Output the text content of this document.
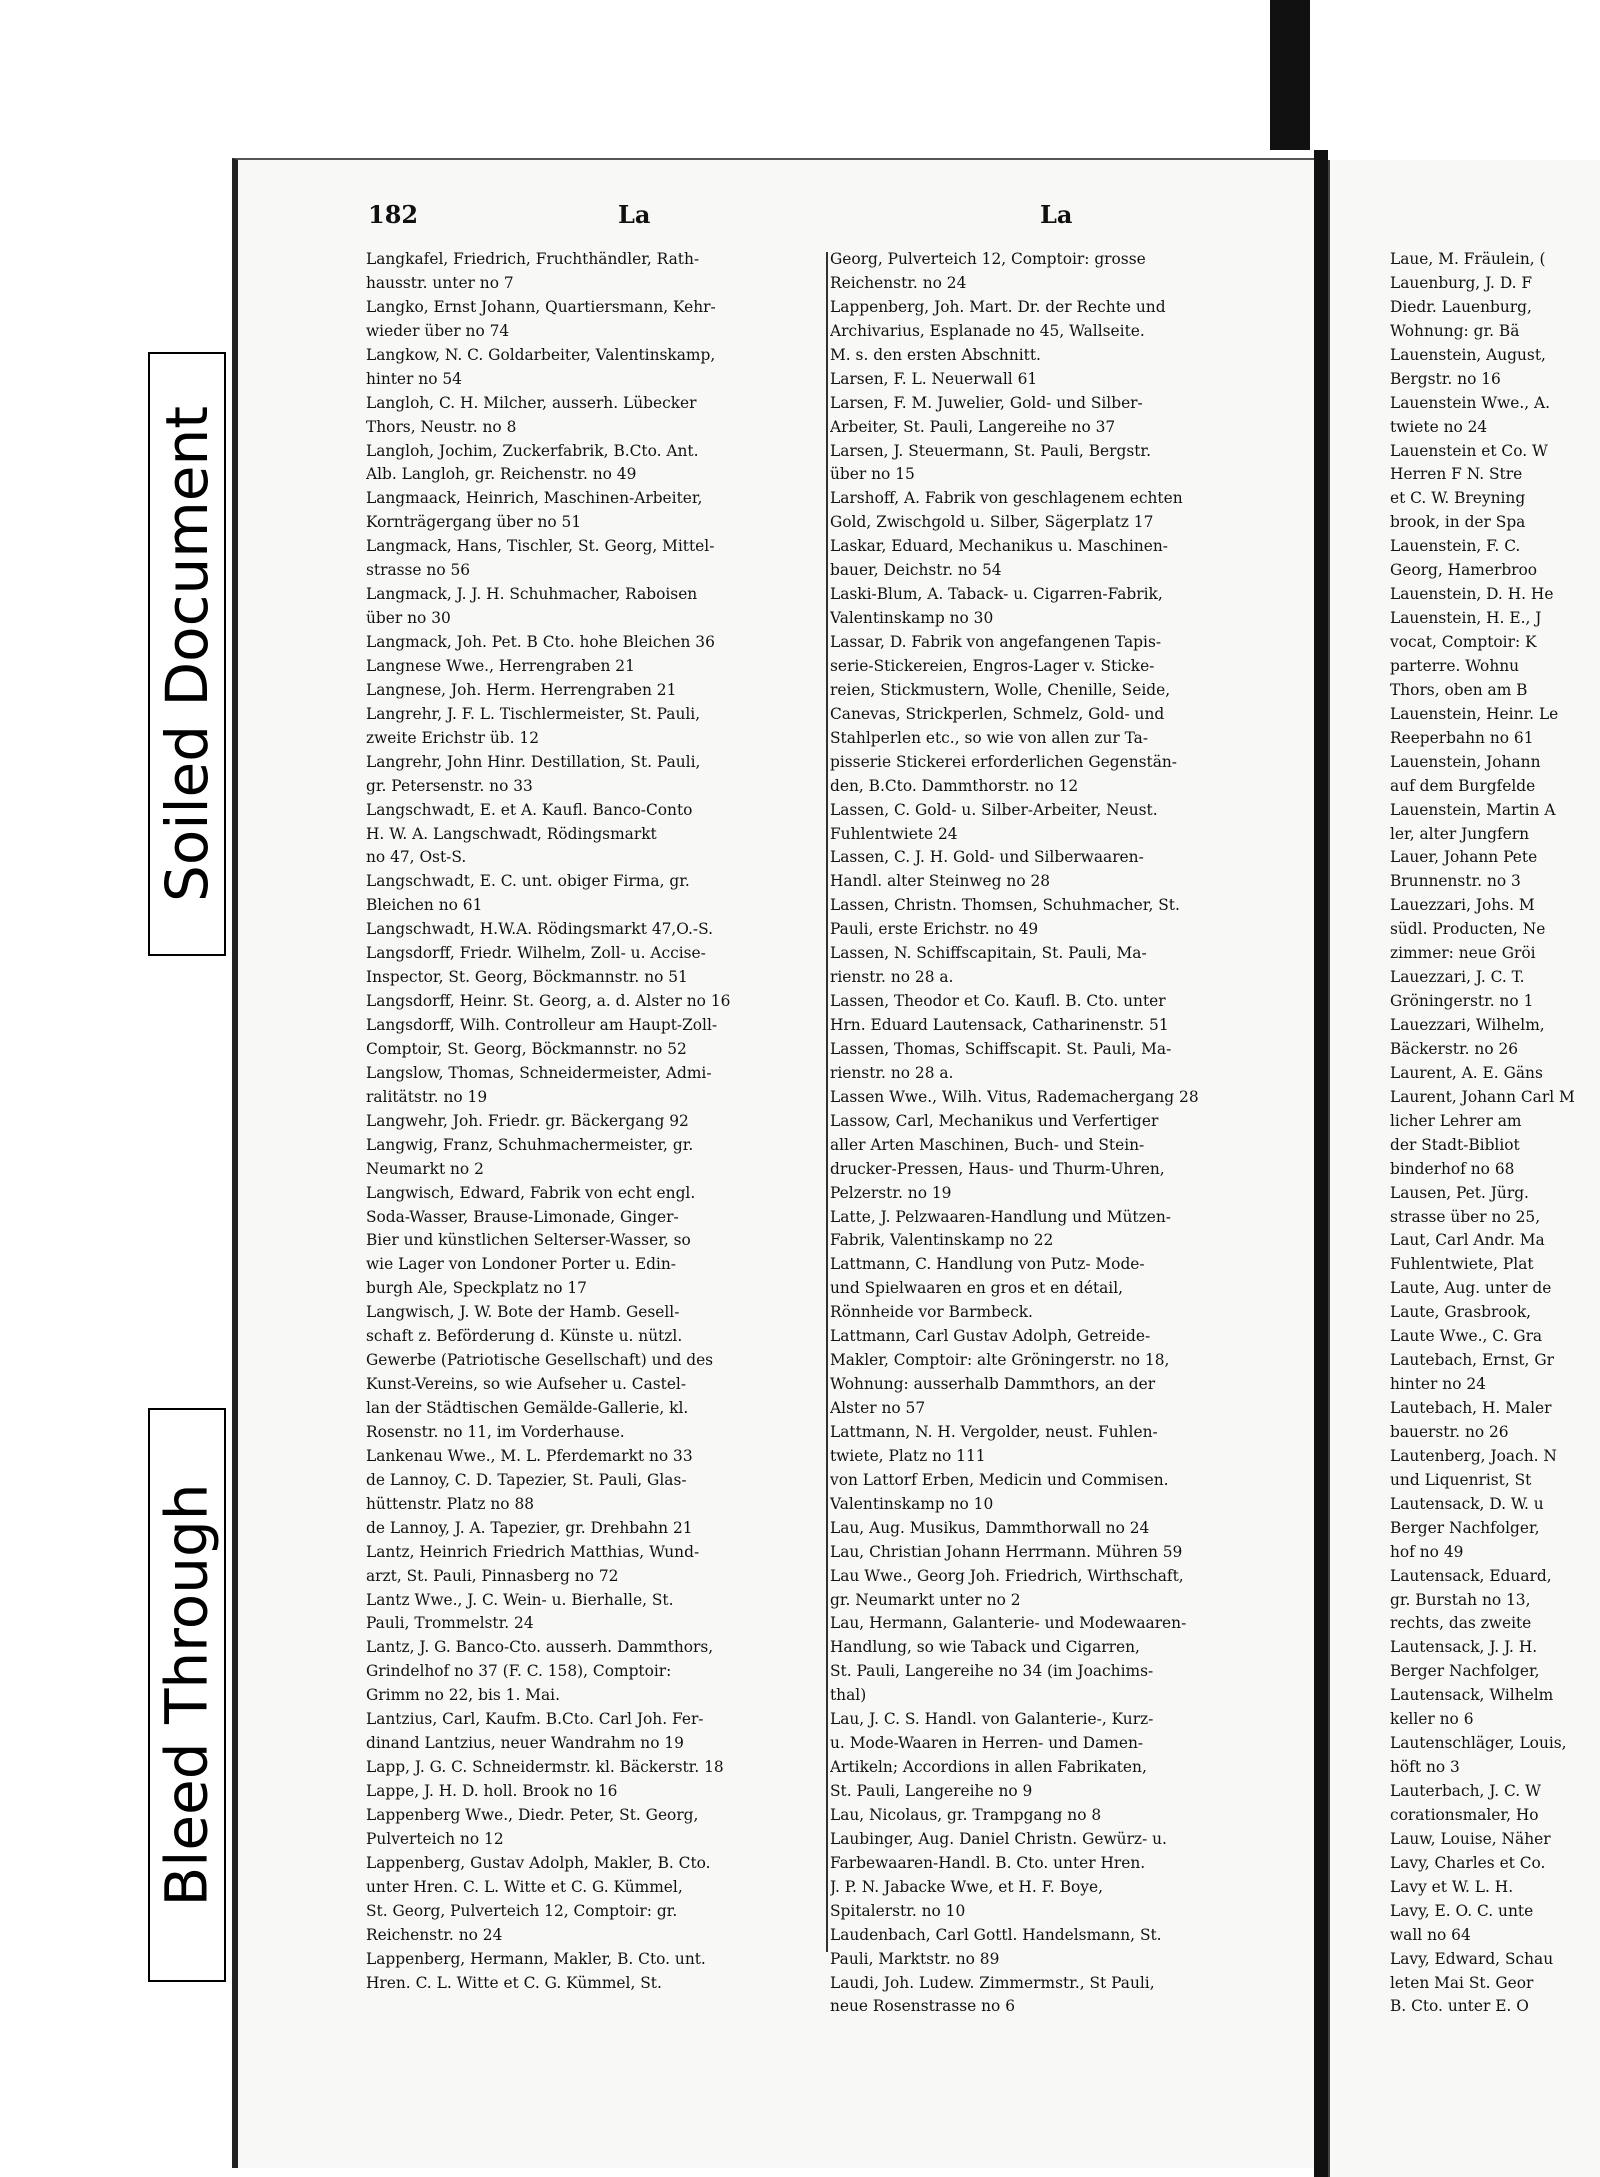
Soiled Document
Bleed Through
182	La	La
Langkafel, Friedrich, Fruchthändler, Rath-
hausstr. unter no 7
Langko, Ernst Johann, Quartiersmann, Kehr-
wieder über no 74
Langkow, N. C. Goldarbeiter, Valentinskamp,
hinter no 54
Langloh, C. H. Milcher, ausserh. Lübecker
Thors, Neustr. no 8
Langloh, Jochim, Zuckerfabrik, B.Cto. Ant.
Alb. Langloh, gr. Reichenstr. no 49
Langmaack, Heinrich, Maschinen-Arbeiter,
Kornträgergang über no 51
Langmack, Hans, Tischler, St. Georg, Mittel-
strasse no 56
Langmack, J. J. H. Schuhmacher, Raboisen
über no 30
Langmack, Joh. Pet. B Cto. hohe Bleichen 36
Langnese Wwe., Herrengraben 21
Langnese, Joh. Herm. Herrengraben 21
Langrehr, J. F. L. Tischlermeister, St. Pauli,
zweite Erichstr üb. 12
Langrehr, John Hinr. Destillation, St. Pauli,
gr. Petersenstr. no 33
Langschwadt, E. et A. Kaufl. Banco-Conto
H. W. A. Langschwadt, Rödingsmarkt
no 47, Ost-S.
Langschwadt, E. C. unt. obiger Firma, gr.
Bleichen no 61
Langschwadt, H.W.A. Rödingsmarkt 47,O.-S.
Langsdorff, Friedr. Wilhelm, Zoll- u. Accise-
Inspector, St. Georg, Böckmannstr. no 51
Langsdorff, Heinr. St. Georg, a. d. Alster no 16
Langsdorff, Wilh. Controlleur am Haupt-Zoll-
Comptoir, St. Georg, Böckmannstr. no 52
Langslow, Thomas, Schneidermeister, Admi-
ralitätstr. no 19
Langwehr, Joh. Friedr. gr. Bäckergang 92
Langwig, Franz, Schuhmachermeister, gr.
Neumarkt no 2
Langwisch, Edward, Fabrik von echt engl.
Soda-Wasser, Brause-Limonade, Ginger-
Bier und künstlichen Selterser-Wasser, so
wie Lager von Londoner Porter u. Edin-
burgh Ale, Speckplatz no 17
Langwisch, J. W. Bote der Hamb. Gesell-
schaft z. Beförderung d. Künste u. nützl.
Gewerbe (Patriotische Gesellschaft) und des
Kunst-Vereins, so wie Aufseher u. Castel-
lan der Städtischen Gemälde-Gallerie, kl.
Rosenstr. no 11, im Vorderhause.
Lankenau Wwe., M. L. Pferdemarkt no 33
de Lannoy, C. D. Tapezier, St. Pauli, Glas-
hüttenstr. Platz no 88
de Lannoy, J. A. Tapezier, gr. Drehbahn 21
Lantz, Heinrich Friedrich Matthias, Wund-
arzt, St. Pauli, Pinnasberg no 72
Lantz Wwe., J. C. Wein- u. Bierhalle, St.
Pauli, Trommelstr. 24
Lantz, J. G. Banco-Cto. ausserh. Dammthors,
Grindelhof no 37 (F. C. 158), Comptoir:
Grimm no 22, bis 1. Mai.
Lantzius, Carl, Kaufm. B.Cto. Carl Joh. Fer-
dinand Lantzius, neuer Wandrahm no 19
Lapp, J. G. C. Schneidermstr. kl. Bäckerstr. 18
Lappe, J. H. D. holl. Brook no 16
Lappenberg Wwe., Diedr. Peter, St. Georg,
Pulverteich no 12
Lappenberg, Gustav Adolph, Makler, B. Cto.
unter Hren. C. L. Witte et C. G. Kümmel,
St. Georg, Pulverteich 12, Comptoir: gr.
Reichenstr. no 24
Lappenberg, Hermann, Makler, B. Cto. unt.
Hren. C. L. Witte et C. G. Kümmel, St.
Georg, Pulverteich 12, Comptoir: grosse
Reichenstr. no 24
Lappenberg, Joh. Mart. Dr. der Rechte und
Archivarius, Esplanade no 45, Wallseite.
M. s. den ersten Abschnitt.
Larsen, F. L. Neuerwall 61
Larsen, F. M. Juwelier, Gold- und Silber-
Arbeiter, St. Pauli, Langereihe no 37
Larsen, J. Steuermann, St. Pauli, Bergstr.
über no 15
Larshoff, A. Fabrik von geschlagenem echten
Gold, Zwischgold u. Silber, Sägerplatz 17
Laskar, Eduard, Mechanikus u. Maschinen-
bauer, Deichstr. no 54
Laski-Blum, A. Taback- u. Cigarren-Fabrik,
Valentinskamp no 30
Lassar, D. Fabrik von angefangenen Tapis-
serie-Stickereien, Engros-Lager v. Sticke-
reien, Stickmustern, Wolle, Chenille, Seide,
Canevas, Strickperlen, Schmelz, Gold- und
Stahlperlen etc., so wie von allen zur Ta-
pisserie Stickerei erforderlichen Gegenstän-
den, B.Cto. Dammthorstr. no 12
Lassen, C. Gold- u. Silber-Arbeiter, Neust.
Fuhlentwiete 24
Lassen, C. J. H. Gold- und Silberwaaren-
Handl. alter Steinweg no 28
Lassen, Christn. Thomsen, Schuhmacher, St.
Pauli, erste Erichstr. no 49
Lassen, N. Schiffscapitain, St. Pauli, Ma-
rienstr. no 28 a.
Lassen, Theodor et Co. Kaufl. B. Cto. unter
Hrn. Eduard Lautensack, Catharinenstr. 51
Lassen, Thomas, Schiffscapit. St. Pauli, Ma-
rienstr. no 28 a.
Lassen Wwe., Wilh. Vitus, Rademachergang 28
Lassow, Carl, Mechanikus und Verfertiger
aller Arten Maschinen, Buch- und Stein-
drucker-Pressen, Haus- und Thurm-Uhren,
Pelzerstr. no 19
Latte, J. Pelzwaaren-Handlung und Mützen-
Fabrik, Valentinskamp no 22
Lattmann, C. Handlung von Putz- Mode-
und Spielwaaren en gros et en détail,
Rönnheide vor Barmbeck.
Lattmann, Carl Gustav Adolph, Getreide-
Makler, Comptoir: alte Gröningerstr. no 18,
Wohnung: ausserhalb Dammthors, an der
Alster no 57
Lattmann, N. H. Vergolder, neust. Fuhlen-
twiete, Platz no 111
von Lattorf Erben, Medicin und Commisen.
Valentinskamp no 10
Lau, Aug. Musikus, Dammthorwall no 24
Lau, Christian Johann Herrmann. Mühren 59
Lau Wwe., Georg Joh. Friedrich, Wirthschaft,
gr. Neumarkt unter no 2
Lau, Hermann, Galanterie- und Modewaaren-
Handlung, so wie Taback und Cigarren,
St. Pauli, Langereihe no 34 (im Joachims-
thal)
Lau, J. C. S. Handl. von Galanterie-, Kurz-
u. Mode-Waaren in Herren- und Damen-
Artikeln; Accordions in allen Fabrikaten,
St. Pauli, Langereihe no 9
Lau, Nicolaus, gr. Trampgang no 8
Laubinger, Aug. Daniel Christn. Gewürz- u.
Farbewaaren-Handl. B. Cto. unter Hren.
J. P. N. Jabacke Wwe, et H. F. Boye,
Spitalerstr. no 10
Laudenbach, Carl Gottl. Handelsmann, St.
Pauli, Marktstr. no 89
Laudi, Joh. Ludew. Zimmermstr., St Pauli,
neue Rosenstrasse no 6
Laue, M. Fräulein, (
Lauenburg, J. D. F
Diedr. Lauenburg,
Wohnung: gr. Bä
Lauenstein, August,
Bergstr. no 16
Lauenstein Wwe., A.
twiete no 24
Lauenstein et Co. W
Herren F N. Stre
et C. W. Breyning
brook, in der Spa
Lauenstein, F. C.
Georg, Hamerbroo
Lauenstein, D. H. He
Lauenstein, H. E., J
vocat, Comptoir: K
parterre. Wohnu
Thors, oben am B
Lauenstein, Heinr. Le
Reeperbahn no 61
Lauenstein, Johann
auf dem Burgfelde
Lauenstein, Martin A
ler, alter Jungfern
Lauer, Johann Pete
Brunnenstr. no 3
Lauezzari, Johs. M
südl. Producten, Ne
zimmer: neue Gröi
Lauezzari, J. C. T.
Gröningerstr. no 1
Lauezzari, Wilhelm,
Bäckerstr. no 26
Laurent, A. E. Gäns
Laurent, Johann Carl M
licher Lehrer am
der Stadt-Bibliot
binderhof no 68
Lausen, Pet. Jürg.
strasse über no 25,
Laut, Carl Andr. Ma
Fuhlentwiete, Plat
Laute, Aug. unter de
Laute, Grasbrook,
Laute Wwe., C. Gra
Lautebach, Ernst, Gr
hinter no 24
Lautebach, H. Maler
bauerstr. no 26
Lautenberg, Joach. N
und Liquenrist, St
Lautensack, D. W. u
Berger Nachfolger,
hof no 49
Lautensack, Eduard,
gr. Burstah no 13,
rechts, das zweite
Lautensack, J. J. H.
Berger Nachfolger,
Lautensack, Wilhelm
keller no 6
Lautenschläger, Louis,
höft no 3
Lauterbach, J. C. W
corationsmaler, Ho
Lauw, Louise, Näher
Lavy, Charles et Co.
Lavy et W. L. H.
Lavy, E. O. C. unte
wall no 64
Lavy, Edward, Schau
leten Mai St. Geor
B. Cto. unter E. O
